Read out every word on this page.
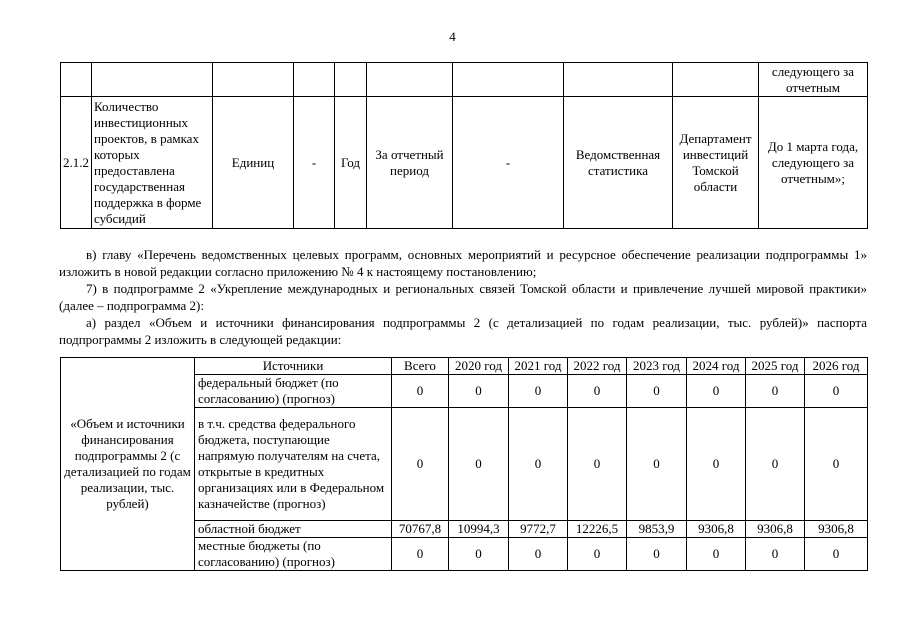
4
									следующего за отчетным
2.1.2	Количество инвестиционных проектов, в рамках которых предоставлена государственная поддержка в форме субсидий	Единиц	-	Год	За отчетный период	-	Ведомственная статистика	Департамент инвестиций Томской области	До 1 марта года, следующего за отчетным»;
в) главу «Перечень ведомственных целевых программ, основных мероприятий и ресурсное обеспечение реализации подпрограммы 1» изложить в новой редакции согласно приложению № 4 к настоящему постановлению;
7) в подпрограмме 2 «Укрепление международных и региональных связей Томской области и привлечение лучшей мировой практики» (далее – подпрограмма 2):
а) раздел «Объем и источники финансирования подпрограммы 2 (с детализацией по годам реализации, тыс. рублей)» паспорта подпрограммы 2 изложить в следующей редакции:
«Объем и источники финансирования подпрограммы 2 (с детализацией по годам реализации, тыс. рублей)	Источники	Всего	2020 год	2021 год	2022 год	2023 год	2024 год	2025 год	2026 год
	федеральный бюджет (по согласованию) (прогноз)	0	0	0	0	0	0	0	0
	в т.ч. средства федерального бюджета, поступающие напрямую получателям на счета, открытые в кредитных организациях или в Федеральном казначействе (прогноз)	0	0	0	0	0	0	0	0
	областной бюджет	70767,8	10994,3	9772,7	12226,5	9853,9	9306,8	9306,8	9306,8
	местные бюджеты (по согласованию) (прогноз)	0	0	0	0	0	0	0	0
